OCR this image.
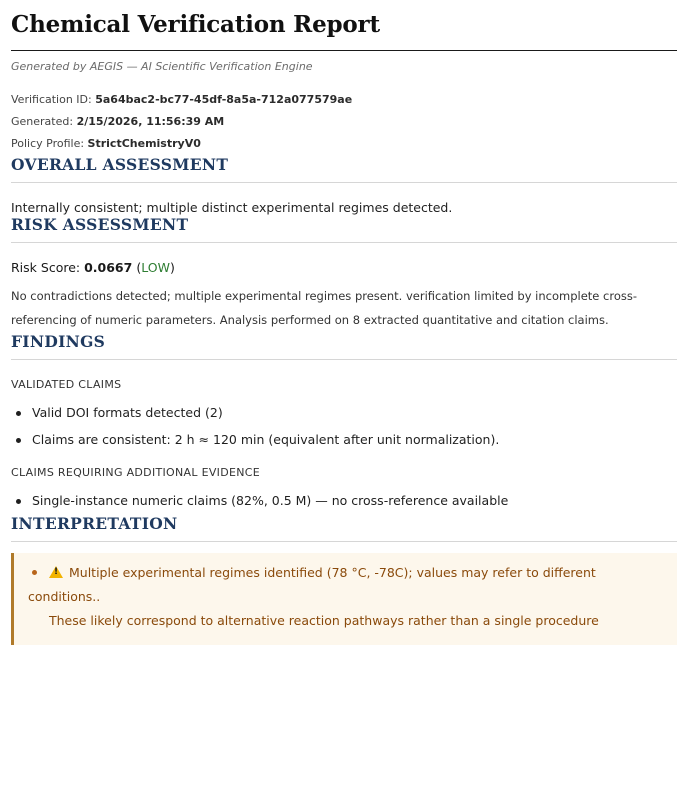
Chemical Verification Report
Generated by AEGIS — AI Scientific Verification Engine
Verification ID: 5a64bac2-bc77-45df-8a5a-712a077579ae
Generated: 2/15/2026, 11:56:39 AM
Policy Profile: StrictChemistryV0
OVERALL ASSESSMENT
Internally consistent; multiple distinct experimental regimes detected.
RISK ASSESSMENT
Risk Score: 0.0667 (LOW)
No contradictions detected; multiple experimental regimes present. verification limited by incomplete cross-
referencing of numeric parameters. Analysis performed on 8 extracted quantitative and citation claims.
FINDINGS
VALIDATED CLAIMS
Valid DOI formats detected (2)
Claims are consistent: 2 h ≈ 120 min (equivalent after unit normalization).
CLAIMS REQUIRING ADDITIONAL EVIDENCE
Single-instance numeric claims (82%, 0.5 M) — no cross-reference available
INTERPRETATION
!Multiple experimental regimes identified (78 °C, -78C); values may refer to different conditions..
These likely correspond to alternative reaction pathways rather than a single procedure
